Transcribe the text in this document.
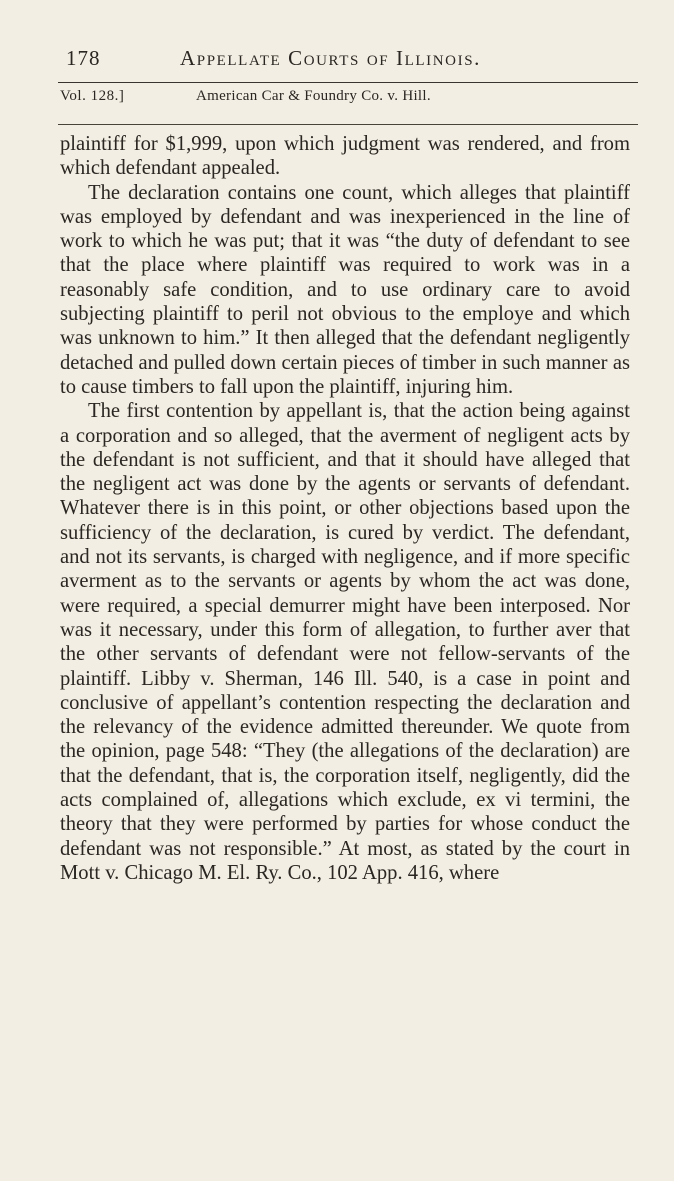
178	Appellate Courts of Illinois.
Vol. 128.]	American Car & Foundry Co. v. Hill.

plaintiff for $1,999, upon which judgment was rendered, and from which defendant appealed.

The declaration contains one count, which alleges that plaintiff was employed by defendant and was inexperienced in the line of work to which he was put; that it was “the duty of defendant to see that the place where plaintiff was required to work was in a reasonably safe condition, and to use ordinary care to avoid subjecting plaintiff to peril not obvious to the employe and which was unknown to him.” It then alleged that the defendant negligently detached and pulled down certain pieces of timber in such manner as to cause timbers to fall upon the plaintiff, injuring him.

The first contention by appellant is, that the action being against a corporation and so alleged, that the averment of negligent acts by the defendant is not sufficient, and that it should have alleged that the negligent act was done by the agents or servants of defendant. Whatever there is in this point, or other objections based upon the sufficiency of the declaration, is cured by verdict. The defendant, and not its servants, is charged with negligence, and if more specific averment as to the servants or agents by whom the act was done, were required, a special demurrer might have been interposed. Nor was it necessary, under this form of allegation, to further aver that the other servants of defendant were not fellow-servants of the plaintiff. Libby v. Sherman, 146 Ill. 540, is a case in point and conclusive of appellant’s contention respecting the declaration and the relevancy of the evidence admitted thereunder. We quote from the opinion, page 548: “They (the allegations of the declaration) are that the defendant, that is, the corporation itself, negligently, did the acts complained of, allegations which exclude, ex vi termini, the theory that they were performed by parties for whose conduct the defendant was not responsible.” At most, as stated by the court in Mott v. Chicago M. El. Ry. Co., 102 App. 416, where
